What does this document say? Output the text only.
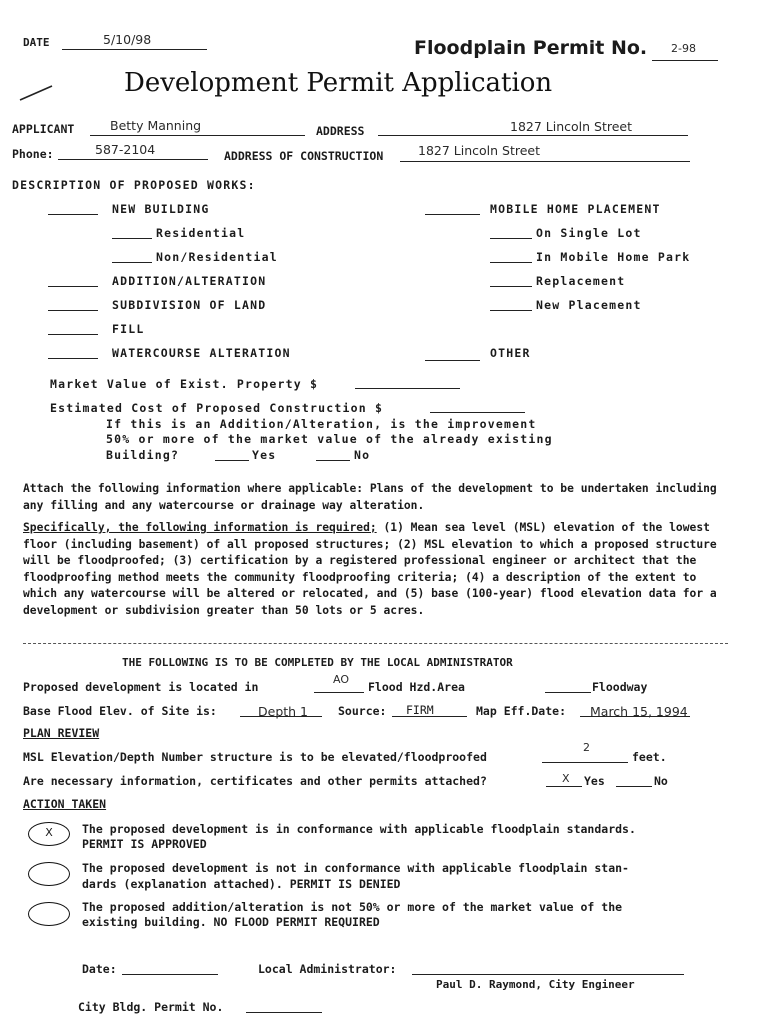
DATE	5/10/98	Floodplain Permit No. 2-98
Development Permit Application
APPLICANT	Betty Manning	ADDRESS	1827 Lincoln Street
Phone:	587-2104	ADDRESS OF CONSTRUCTION	1827 Lincoln Street
DESCRIPTION OF PROPOSED WORKS:
NEW BUILDING
Residential
Non/Residential
ADDITION/ALTERATION
SUBDIVISION OF LAND
FILL
WATERCOURSE ALTERATION
MOBILE HOME PLACEMENT
On Single Lot
In Mobile Home Park
Replacement
New Placement
OTHER
Market Value of Exist. Property $
Estimated Cost of Proposed Construction $
If this is an Addition/Alteration, is the improvement
50% or more of the market value of the already existing
Building?	Yes	No
Attach the following information where applicable: Plans of the development to be undertaken including any filling and any watercourse or drainage way alteration.
Specifically, the following information is required; (1) Mean sea level (MSL) elevation of the lowest floor (including basement) of all proposed structures; (2) MSL elevation to which a proposed structure will be floodproofed; (3) certification by a registered professional engineer or architect that the floodproofing method meets the community floodproofing criteria; (4) a description of the extent to which any watercourse will be altered or relocated, and (5) base (100-year) flood elevation data for a development or subdivision greater than 50 lots or 5 acres.
THE FOLLOWING IS TO BE COMPLETED BY THE LOCAL ADMINISTRATOR
Proposed development is located in
AO
Flood Hzd.Area	Floodway
Base Flood Elev. of Site is:	Depth 1	Source: FIRM	Map Eff.Date: March 15, 1994
PLAN REVIEW
MSL Elevation/Depth Number structure is to be elevated/floodproofed
2
feet.
Are necessary information, certificates and other permits attached?	X Yes	No
ACTION TAKEN
X	The proposed development is in conformance with applicable floodplain standards.
PERMIT IS APPROVED
The proposed development is not in conformance with applicable floodplain stan-
dards (explanation attached). PERMIT IS DENIED
The proposed addition/alteration is not 50% or more of the market value of the
existing building. NO FLOOD PERMIT REQUIRED
Date:	Local Administrator:
Paul D. Raymond, City Engineer
City Bldg. Permit No.
